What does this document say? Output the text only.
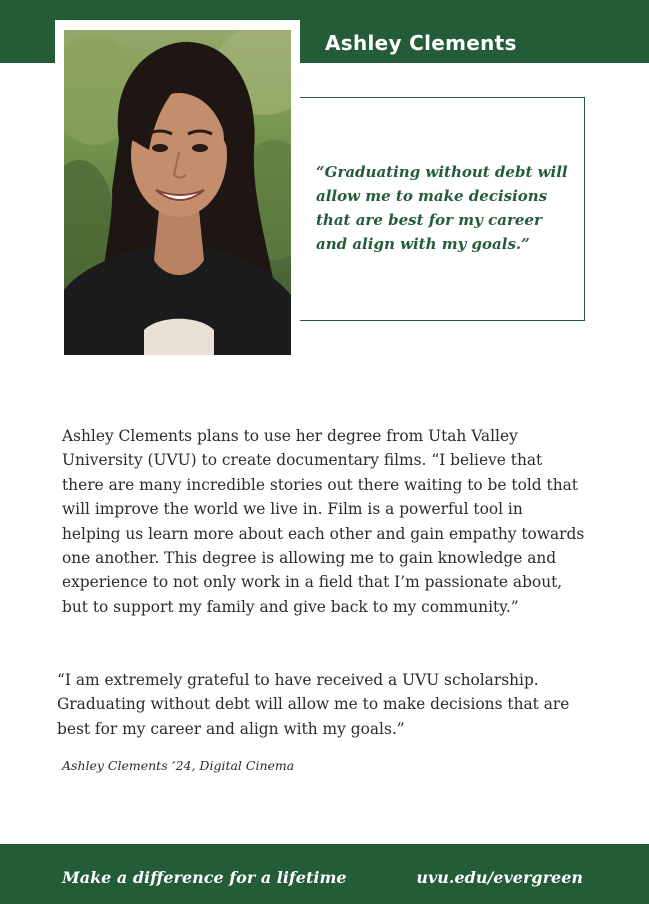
Ashley Clements

“Graduating without debt will allow me to make decisions that are best for my career and align with my goals.”

Ashley Clements plans to use her degree from Utah Valley University (UVU) to create documentary films. “I believe that there are many incredible stories out there waiting to be told that will improve the world we live in. Film is a powerful tool in helping us learn more about each other and gain empathy towards one another. This degree is allowing me to gain knowledge and experience to not only work in a field that I’m passionate about, but to support my family and give back to my community.”

“I am extremely grateful to have received a UVU scholarship. Graduating without debt will allow me to make decisions that are best for my career and align with my goals.”

Ashley Clements ’24, Digital Cinema

Make a difference for a lifetime	uvu.edu/evergreen
